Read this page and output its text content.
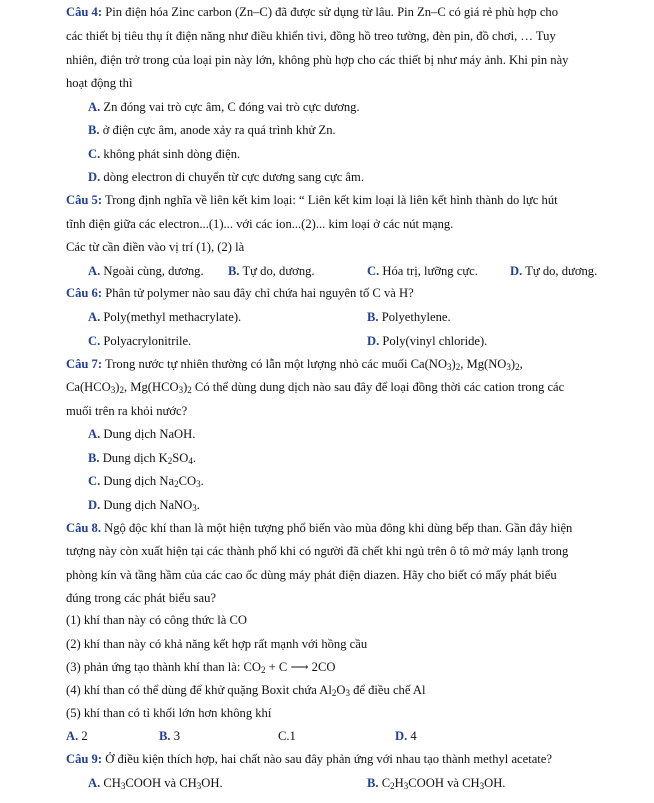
Câu 4: Pin điện hóa Zinc carbon (Zn–C) đã được sử dụng từ lâu. Pin Zn–C có giá rẻ phù hợp cho
các thiết bị tiêu thụ ít điện năng như điều khiển tivi, đồng hồ treo tường, đèn pin, đồ chơi, … Tuy
nhiên, điện trở trong của loại pin này lớn, không phù hợp cho các thiết bị như máy ảnh. Khi pin này
hoạt động thì
A. Zn đóng vai trò cực âm, C đóng vai trò cực dương.
B. ở điện cực âm, anode xảy ra quá trình khử Zn.
C. không phát sinh dòng điện.
D. dòng electron di chuyển từ cực dương sang cực âm.
Câu 5: Trong định nghĩa về liên kết kim loại: “ Liên kết kim loại là liên kết hình thành do lực hút
tĩnh điện giữa các electron...(1)... với các ion...(2)... kim loại ở các nút mạng.
Các từ cần điền vào vị trí (1), (2) là
A. Ngoài cùng, dương. B. Tự do, dương.	C. Hóa trị, lưỡng cực.	D. Tự do, dương.
Câu 6: Phân tử polymer nào sau đây chỉ chứa hai nguyên tố C và H?
A. Poly(methyl methacrylate).	B. Polyethylene.
C. Polyacrylonitrile.	D. Poly(vinyl chloride).
Câu 7: Trong nước tự nhiên thường có lẫn một lượng nhỏ các muối $Ca(NO_3)_2$, $Mg(NO_3)_2$,
$Ca(HCO_3)_2$, $Mg(HCO_3)_2$ Có thể dùng dung dịch nào sau đây để loại đồng thời các cation trong các
muối trên ra khỏi nước?
A. Dung dịch NaOH.
B. Dung dịch $K_2SO_4$.
C. Dung dịch $Na_2CO_3$.
D. Dung dịch NaNO$_3$.
Câu 8. Ngộ độc khí than là một hiện tượng phổ biến vào mùa đông khi dùng bếp than. Gần đây hiện
tượng này còn xuất hiện tại các thành phố khi có người đã chết khi ngủ trên ô tô mở máy lạnh trong
phòng kín và tầng hầm của các cao ốc dùng máy phát điện diazen. Hãy cho biết có mấy phát biểu
đúng trong các phát biểu sau?
(1) khí than này có công thức là CO
(2) khí than này có khả năng kết hợp rất mạnh với hồng cầu
(3) phản ứng tạo thành khí than là: $CO_2 + C$ ⟶ 2CO
(4) khí than có thể dùng để khử quặng Boxit chứa $Al_2O_3$ để điều chế Al
(5) khí than có tỉ khối lớn hơn không khí
A. 2	B. 3	C.1	D. 4
Câu 9: Ở điều kiện thích hợp, hai chất nào sau đây phản ứng với nhau tạo thành methyl acetate?
A. $CH_3COOH$ và $CH_3OH$.	B. $C_2H_3COOH$ và $CH_3OH$.
